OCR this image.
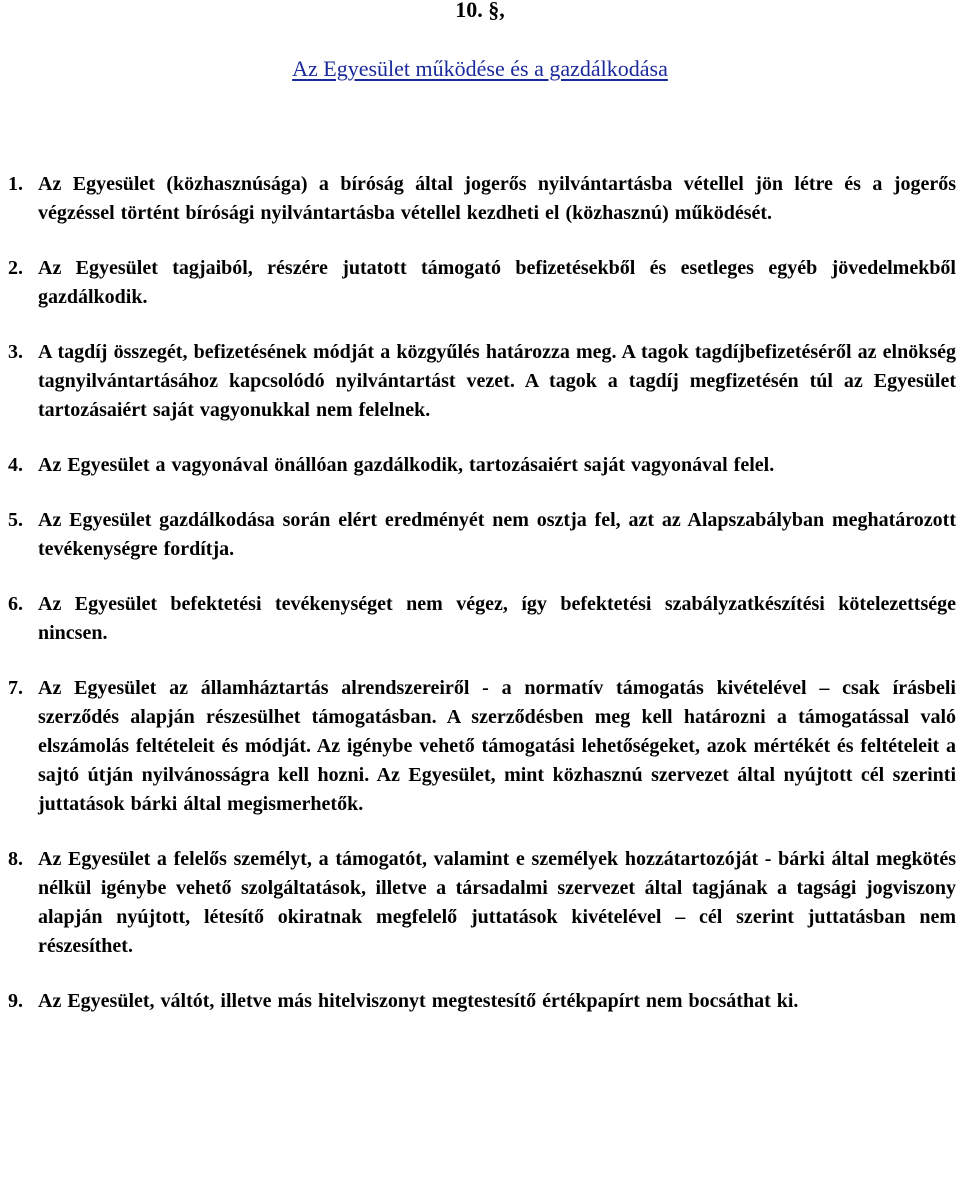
10. §,
Az Egyesület működése és a gazdálkodása
1. Az Egyesület (közhasznúsága) a bíróság által jogerős nyilvántartásba vétellel jön létre és a jogerős végzéssel történt bírósági nyilvántartásba vétellel kezdheti el (közhasznú) működését.
2. Az Egyesület tagjaiból, részére jutatott támogató befizetésekből és esetleges egyéb jövedelmekből gazdálkodik.
3. A tagdíj összegét, befizetésének módját a közgyűlés határozza meg. A tagok tagdíjbefizetéséről az elnökség tagnyilvántartásához kapcsolódó nyilvántartást vezet. A tagok a tagdíj megfizetésén túl az Egyesület tartozásaiért saját vagyonukkal nem felelnek.
4. Az Egyesület a vagyonával önállóan gazdálkodik, tartozásaiért saját vagyonával felel.
5. Az Egyesület gazdálkodása során elért eredményét nem osztja fel, azt az Alapszabályban meghatározott tevékenységre fordítja.
6. Az Egyesület befektetési tevékenységet nem végez, így befektetési szabályzatkészítési kötelezettsége nincsen.
7. Az Egyesület az államháztartás alrendszereiről - a normatív támogatás kivételével – csak írásbeli szerződés alapján részesülhet támogatásban. A szerződésben meg kell határozni a támogatással való elszámolás feltételeit és módját. Az igénybe vehető támogatási lehetőségeket, azok mértékét és feltételeit a sajtó útján nyilvánosságra kell hozni. Az Egyesület, mint közhasznú szervezet által nyújtott cél szerinti juttatások bárki által megismerhetők.
8. Az Egyesület a felelős személyt, a támogatót, valamint e személyek hozzátartozóját - bárki által megkötés nélkül igénybe vehető szolgáltatások, illetve a társadalmi szervezet által tagjának a tagsági jogviszony alapján nyújtott, létesítő okiratnak megfelelő juttatások kivételével – cél szerint juttatásban nem részesíthet.
9. Az Egyesület, váltót, illetve más hitelviszonyt megtestesítő értékpapírt nem bocsáthat ki.
